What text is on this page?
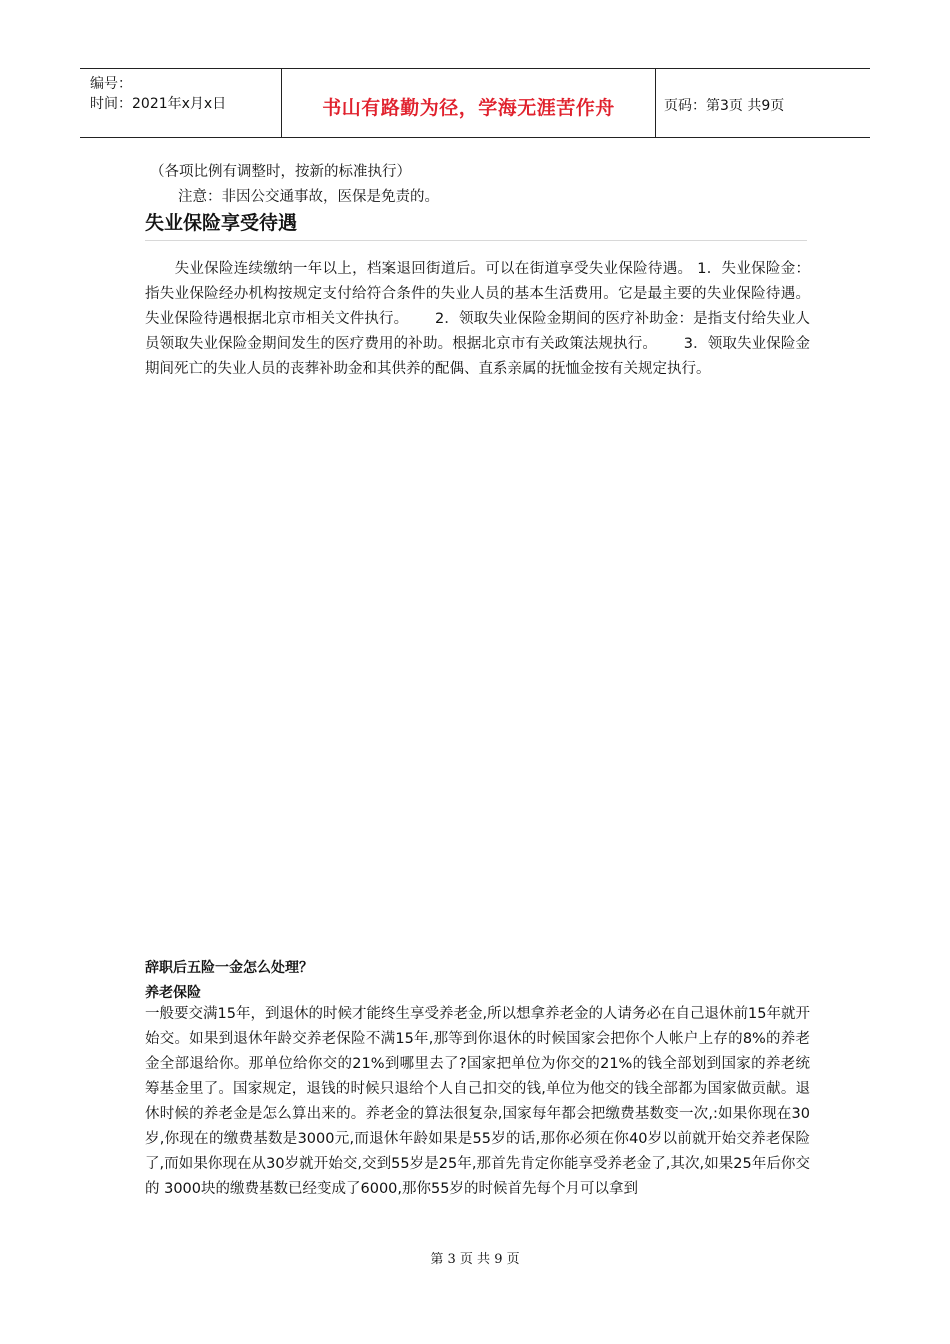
编号：
时间：2021年x月x日	书山有路勤为径，学海无涯苦作舟	页码：第3页 共9页
（各项比例有调整时，按新的标准执行）
注意：非因公交通事故，医保是免责的。
失业保险享受待遇
　　失业保险连续缴纳一年以上，档案退回街道后。可以在街道享受失业保险待遇。 1．失业保险金：指失业保险经办机构按规定支付给符合条件的失业人员的基本生活费用。它是最主要的失业保险待遇。失业保险待遇根据北京市相关文件执行。　　 2．领取失业保险金期间的医疗补助金：是指支付给失业人员领取失业保险金期间发生的医疗费用的补助。根据北京市有关政策法规执行。　　 3．领取失业保险金期间死亡的失业人员的丧葬补助金和其供养的配偶、直系亲属的抚恤金按有关规定执行。
辞职后五险一金怎么处理？
养老保险
一般要交满15年，到退休的时候才能终生享受养老金,所以想拿养老金的人请务必在自己退休前15年就开始交。如果到退休年龄交养老保险不满15年,那等到你退休的时候国家会把你个人帐户上存的8%的养老金全部退给你。那单位给你交的21%到哪里去了?国家把单位为你交的21%的钱全部划到国家的养老统筹基金里了。国家规定，退钱的时候只退给个人自己扣交的钱,单位为他交的钱全部都为国家做贡献。退休时候的养老金是怎么算出来的。养老金的算法很复杂,国家每年都会把缴费基数变一次,:如果你现在30岁,你现在的缴费基数是3000元,而退休年龄如果是55岁的话,那你必须在你40岁以前就开始交养老保险了,而如果你现在从30岁就开始交,交到55岁是25年,那首先肯定你能享受养老金了,其次,如果25年后你交的 3000块的缴费基数已经变成了6000,那你55岁的时候首先每个月可以拿到
第 3 页 共 9 页
